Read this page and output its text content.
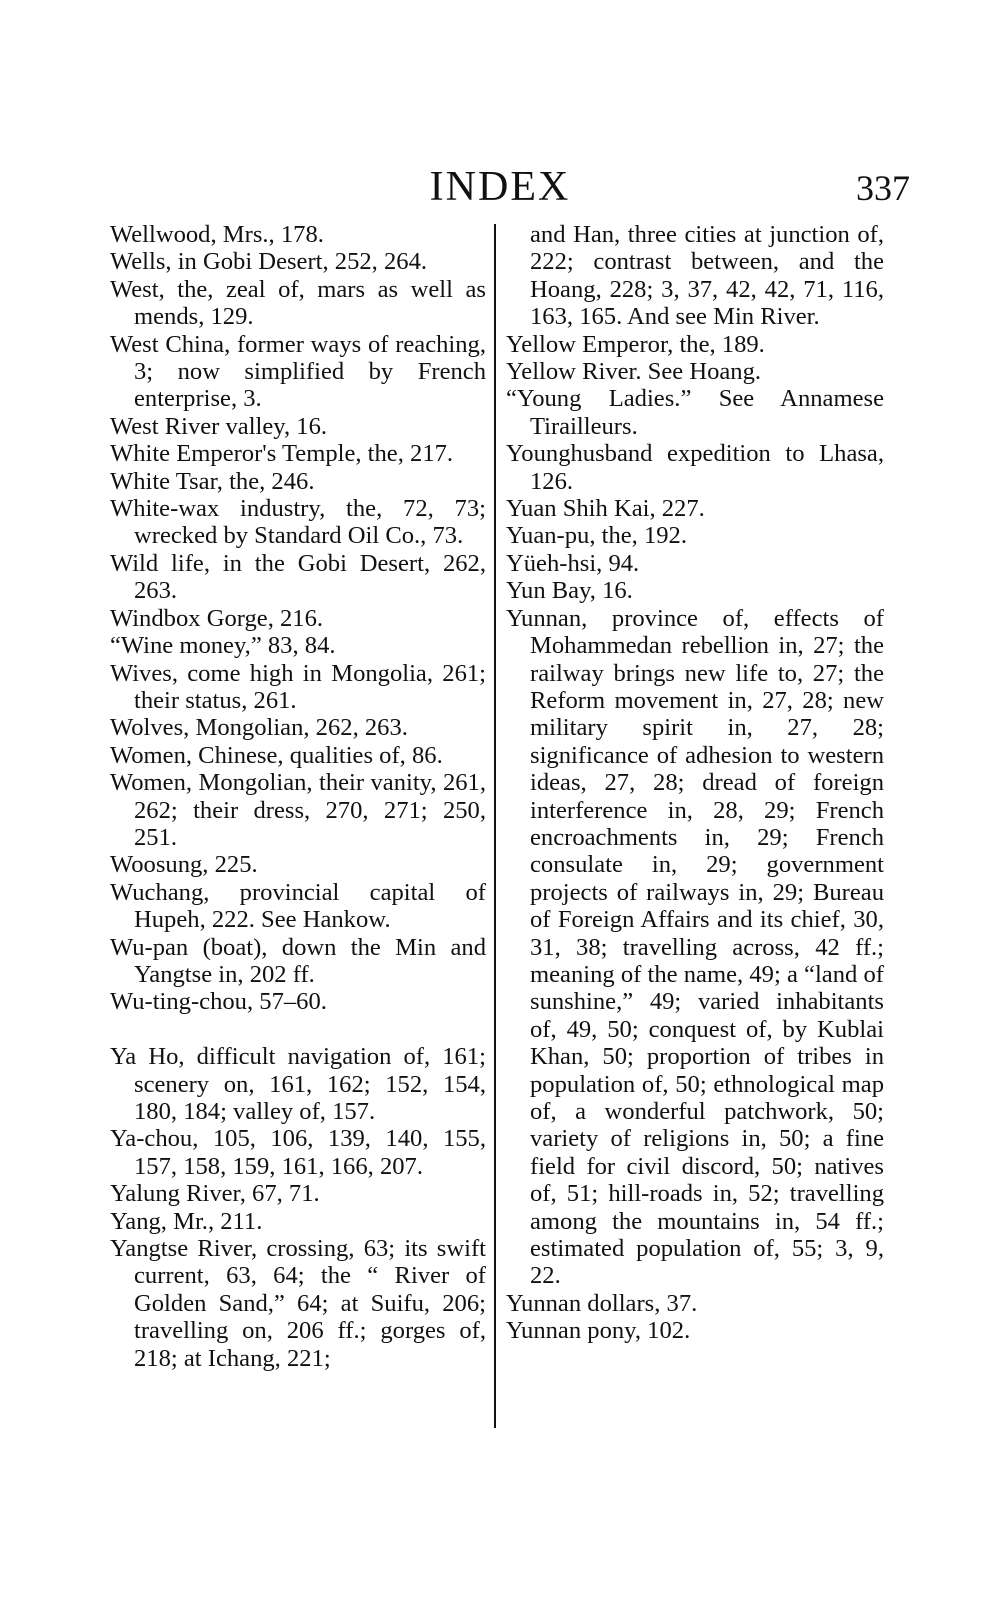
INDEX	337

Wellwood, Mrs., 178.

Wells, in Gobi Desert, 252, 264.

West, the, zeal of, mars as well as mends, 129.

West China, former ways of reaching, 3; now simplified by French enterprise, 3.

West River valley, 16.

White Emperor's Temple, the, 217.

White Tsar, the, 246.

White-wax industry, the, 72, 73; wrecked by Standard Oil Co., 73.

Wild life, in the Gobi Desert, 262, 263.

Windbox Gorge, 216.

“Wine money,” 83, 84.

Wives, come high in Mongolia, 261; their status, 261.

Wolves, Mongolian, 262, 263.

Women, Chinese, qualities of, 86.

Women, Mongolian, their vanity, 261, 262; their dress, 270, 271; 250, 251.

Woosung, 225.

Wuchang, provincial capital of Hupeh, 222. See Hankow.

Wu-pan (boat), down the Min and Yangtse in, 202 ff.

Wu-ting-chou, 57–60.

Ya Ho, difficult navigation of, 161; scenery on, 161, 162; 152, 154, 180, 184; valley of, 157.

Ya-chou, 105, 106, 139, 140, 155, 157, 158, 159, 161, 166, 207.

Yalung River, 67, 71.

Yang, Mr., 211.

Yangtse River, crossing, 63; its swift current, 63, 64; the “ River of Golden Sand,” 64; at Suifu, 206; travelling on, 206 ff.; gorges of, 218; at Ichang, 221;

and Han, three cities at junction of, 222; contrast between, and the Hoang, 228; 3, 37, 42, 42, 71, 116, 163, 165. And see Min River.

Yellow Emperor, the, 189.

Yellow River. See Hoang.

“Young Ladies.” See Annamese Tirailleurs.

Younghusband expedition to Lhasa, 126.

Yuan Shih Kai, 227.

Yuan-pu, the, 192.

Yüeh-hsi, 94.

Yun Bay, 16.

Yunnan, province of, effects of Mohammedan rebellion in, 27; the railway brings new life to, 27; the Reform movement in, 27, 28; new military spirit in, 27, 28; significance of adhesion to western ideas, 27, 28; dread of foreign interference in, 28, 29; French encroachments in, 29; French consulate in, 29; government projects of railways in, 29; Bureau of Foreign Affairs and its chief, 30, 31, 38; travelling across, 42 ff.; meaning of the name, 49; a “land of sunshine,” 49; varied inhabitants of, 49, 50; conquest of, by Kublai Khan, 50; proportion of tribes in population of, 50; ethnological map of, a wonderful patchwork, 50; variety of religions in, 50; a fine field for civil discord, 50; natives of, 51; hill-roads in, 52; travelling among the mountains in, 54 ff.; estimated population of, 55; 3, 9, 22.

Yunnan dollars, 37.

Yunnan pony, 102.
